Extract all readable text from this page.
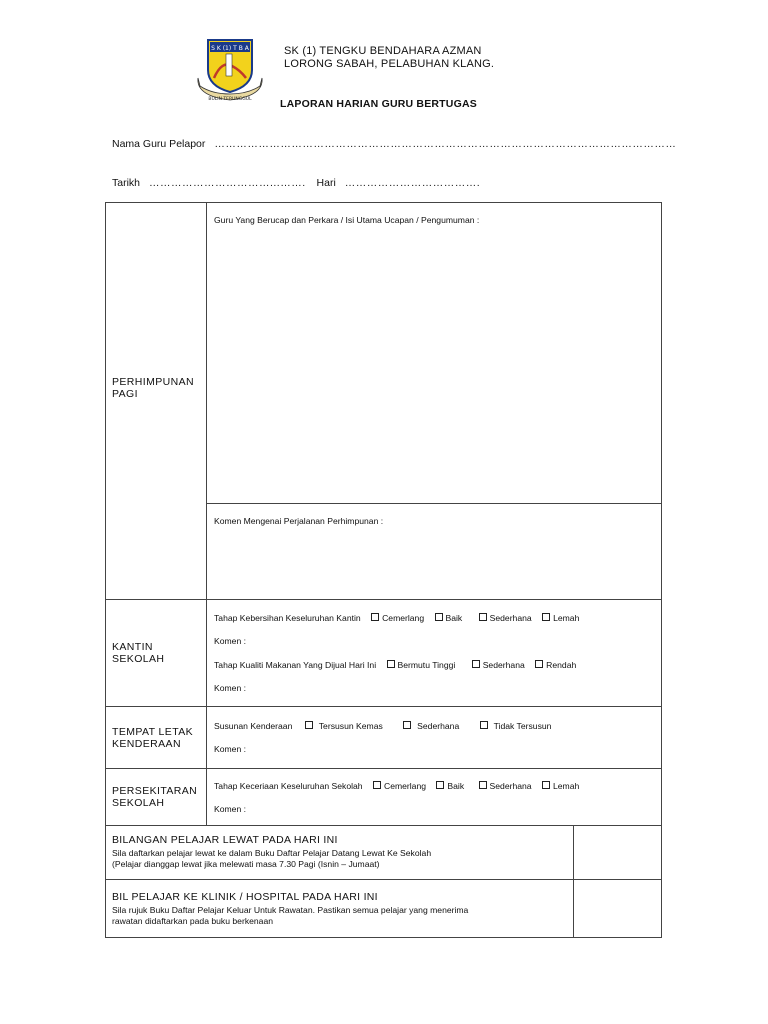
S K (1) T B A
BULIN TERUNGGUL
SK (1) TENGKU BENDAHARA AZMAN
LORONG SABAH, PELABUHAN KLANG.
LAPORAN HARIAN GURU BERTUGAS
Nama Guru Pelapor ………………………………………………………………………………………………………………
Tarikh ……………………………...……. Hari ……………………………….
PERHIMPUNAN PAGI
Guru Yang Berucap dan Perkara / Isi Utama Ucapan / Pengumuman :
Komen Mengenai Perjalanan Perhimpunan :
KANTIN SEKOLAH
Tahap Kebersihan Keseluruhan Kantin Cemerlang Baik	Sederhana Lemah
Komen :
Tahap Kualiti Makanan Yang Dijual Hari Ini Bermutu Tinggi	Sederhana Rendah
Komen :
TEMPAT LETAK KENDERAAN
Susunan Kenderaan	Tersusun Kemas	Sederhana	Tidak Tersusun
Komen :
PERSEKITARAN SEKOLAH
Tahap Keceriaan Keseluruhan Sekolah Cemerlang Baik	Sederhana Lemah
Komen :
BILANGAN PELAJAR LEWAT PADA HARI INI
Sila daftarkan pelajar lewat ke dalam Buku Daftar Pelajar Datang Lewat Ke Sekolah
(Pelajar dianggap lewat jika melewati masa 7.30 Pagi (Isnin – Jumaat)
BIL PELAJAR KE KLINIK / HOSPITAL PADA HARI INI
Sila rujuk Buku Daftar Pelajar Keluar Untuk Rawatan. Pastikan semua pelajar yang menerima
rawatan didaftarkan pada buku berkenaan
